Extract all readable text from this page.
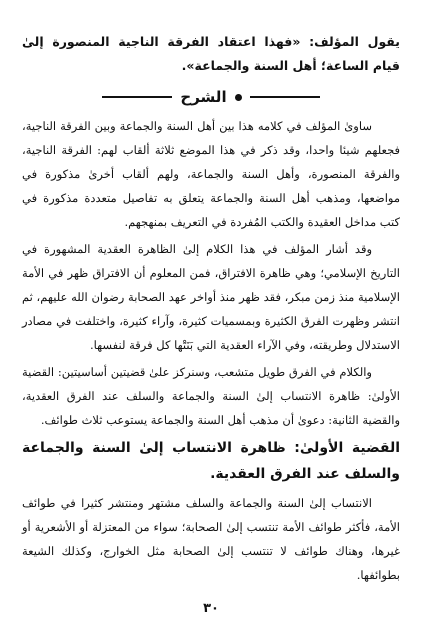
يقول المؤلف: «فهذا اعتقاد الفرقة الناجية المنصورة إلىٰ قيام الساعة؛ أهل السنة والجماعة».

الشرح

ساوىٰ المؤلف في كلامه هذا بين أهل السنة والجماعة وبين الفرقة الناجية، فجعلهم شيئا واحدا، وقد ذكر في هذا الموضع ثلاثة ألقاب لهم: الفرقة الناجية، والفرقة المنصورة، وأهل السنة والجماعة، ولهم ألقاب أخرىٰ مذكورة في مواضعها، ومذهب أهل السنة والجماعة يتعلق به تفاصيل متعددة مذكورة في كتب مداخل العقيدة والكتب المُفردة في التعريف بمنهجهم.

وقد أشار المؤلف في هذا الكلام إلىٰ الظاهرة العقدية المشهورة في التاريخ الإسلامي؛ وهي ظاهرة الافتراق، فمن المعلوم أن الافتراق ظهر في الأمة الإسلامية منذ زمن مبكر، فقد ظهر منذ أواخر عهد الصحابة رضوان الله عليهم، ثم انتشر وظهرت الفرق الكثيرة وبمسميات كثيرة، وآراء كثيرة، واختلفت في مصادر الاستدلال وطريقته، وفي الآراء العقدية التي بَنَتْها كل فرقة لنفسها.

والكلام في الفرق طويل متشعب، وسنركز علىٰ قضيتين أساسيتين: القضية الأولىٰ: ظاهرة الانتساب إلىٰ السنة والجماعة والسلف عند الفرق العقدية، والقضية الثانية: دعوىٰ أن مذهب أهل السنة والجماعة يستوعب ثلاث طوائف.

القضية الأولىٰ: ظاهرة الانتساب إلىٰ السنة والجماعة والسلف عند الفرق العقدية.

الانتساب إلىٰ السنة والجماعة والسلف مشتهر ومنتشر كثيرا في طوائف الأمة، فأكثر طوائف الأمة تنتسب إلىٰ الصحابة؛ سواء من المعتزلة أو الأشعرية أو غيرها، وهناك طوائف لا تنتسب إلىٰ الصحابة مثل الخوارج، وكذلك الشيعة بطوائفها.

٣٠
